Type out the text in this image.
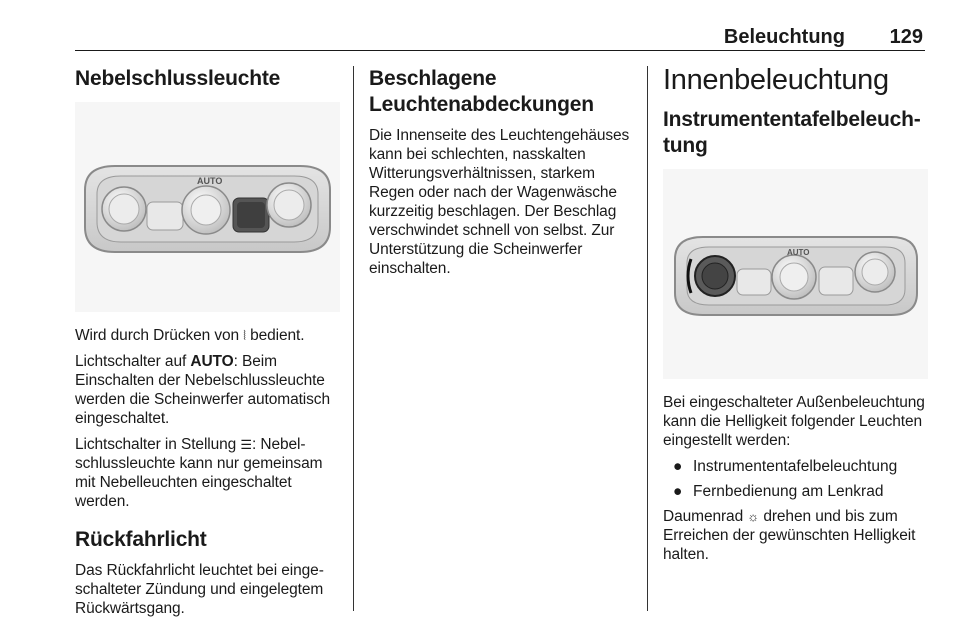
Beleuchtung 129
Nebelschlussleuchte
AUTO

Wird durch Drücken von ⦚ bedient.

Lichtschalter auf AUTO: Beim Einschalten der Nebelschlussleuchte werden die Scheinwerfer automatisch eingeschaltet.

Lichtschalter in Stellung ☰: Nebelschlussleuchte kann nur gemeinsam mit Nebelleuchten eingeschaltet werden.

Rückfahrlicht

Das Rückfahrlicht leuchtet bei eingeschalteter Zündung und eingelegtem Rückwärtsgang.

Beschlagene Leuchtenabdeckungen

Die Innenseite des Leuchtengehäuses kann bei schlechten, nasskalten Witterungsverhältnissen, starkem Regen oder nach der Wagenwäsche kurzzeitig beschlagen. Der Beschlag verschwindet schnell von selbst. Zur Unterstützung die Scheinwerfer einschalten.

Innenbeleuchtung
Instrumententafelbeleuchtung
AUTO

Bei eingeschalteter Außenbeleuchtung kann die Helligkeit folgender Leuchten eingestellt werden:

● Instrumententafelbeleuchtung
● Fernbedienung am Lenkrad

Daumenrad ☼ drehen und bis zum Erreichen der gewünschten Helligkeit halten.
